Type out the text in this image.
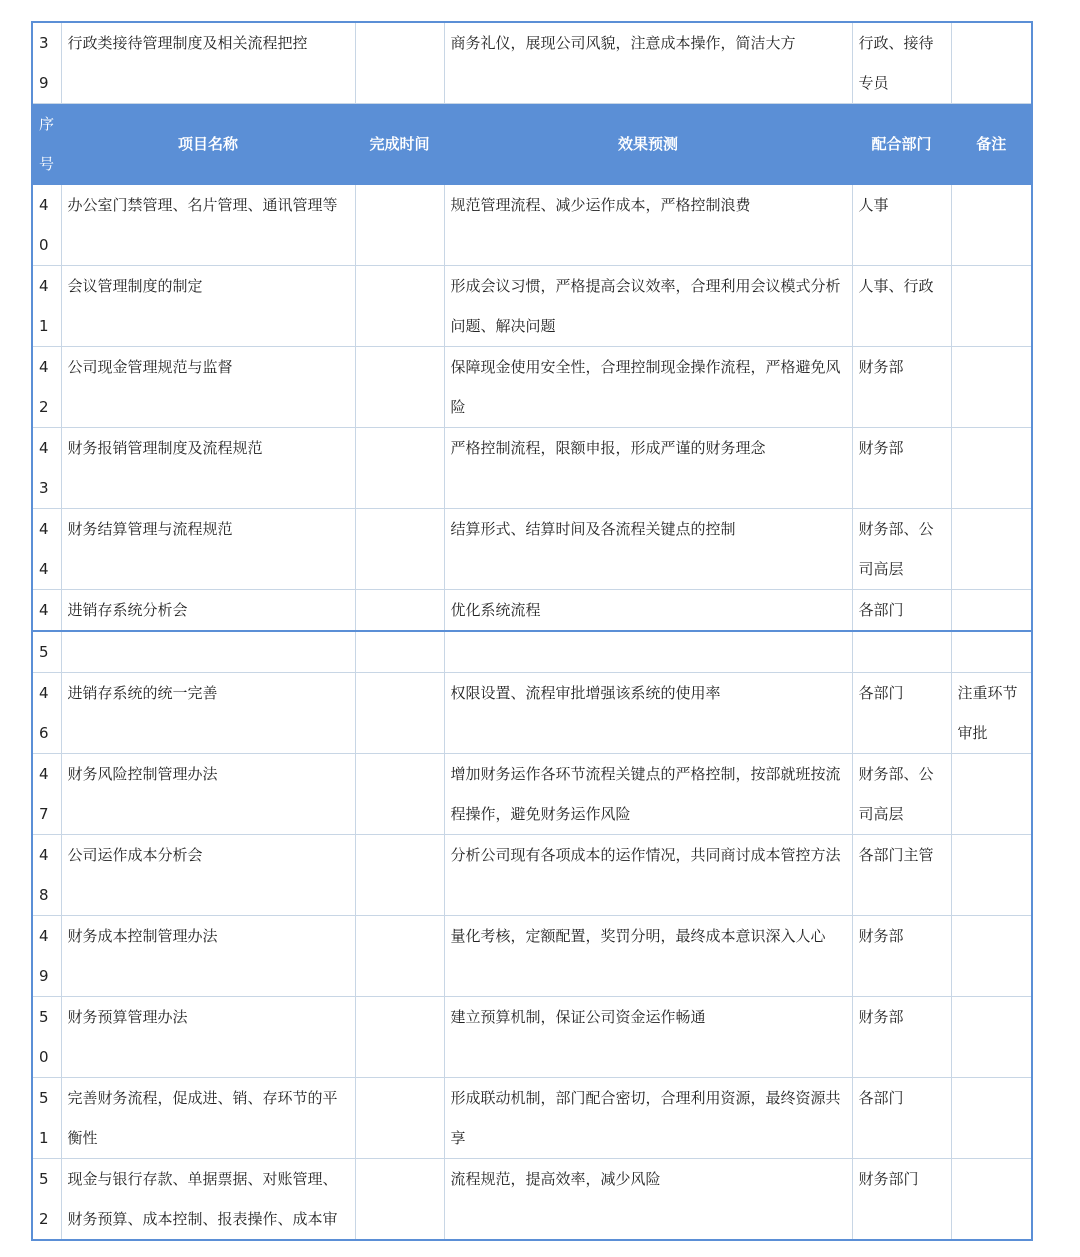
39	行政类接待管理制度及相关流程把控		商务礼仪，展现公司风貌，注意成本操作，简洁大方	行政、接待专员	
序号	项目名称	完成时间	效果预测	配合部门	备注
40	办公室门禁管理、名片管理、通讯管理等		规范管理流程、减少运作成本，严格控制浪费	人事	
41	会议管理制度的制定		形成会议习惯，严格提高会议效率，合理利用会议模式分析问题、解决问题	人事、行政	
42	公司现金管理规范与监督		保障现金使用安全性，合理控制现金操作流程，严格避免风险	财务部	
43	财务报销管理制度及流程规范		严格控制流程，限额申报，形成严谨的财务理念	财务部	
44	财务结算管理与流程规范		结算形式、结算时间及各流程关键点的控制	财务部、公司高层	
4	进销存系统分析会		优化系统流程	各部门	
5					
46	进销存系统的统一完善		权限设置、流程审批增强该系统的使用率	各部门	注重环节审批
47	财务风险控制管理办法		增加财务运作各环节流程关键点的严格控制，按部就班按流程操作，避免财务运作风险	财务部、公司高层	
48	公司运作成本分析会		分析公司现有各项成本的运作情况，共同商讨成本管控方法	各部门主管	
49	财务成本控制管理办法		量化考核，定额配置，奖罚分明，最终成本意识深入人心	财务部	
50	财务预算管理办法		建立预算机制，保证公司资金运作畅通	财务部	
51	完善财务流程，促成进、销、存环节的平衡性		形成联动机制，部门配合密切，合理利用资源，最终资源共享	各部门	
52	现金与银行存款、单据票据、对账管理、财务预算、成本控制、报表操作、成本审		流程规范，提高效率，减少风险	财务部门	
